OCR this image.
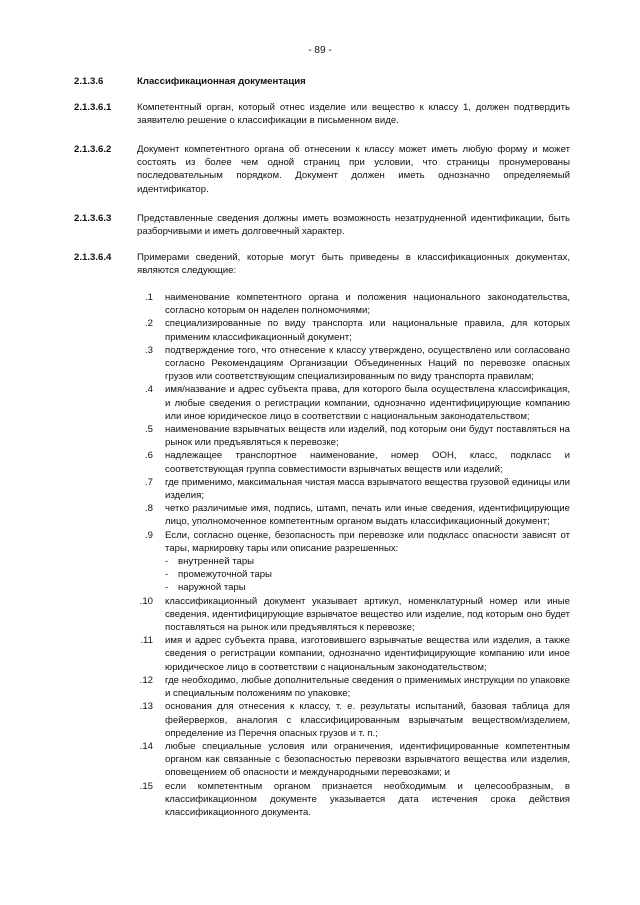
- 89 -
2.1.3.6	Классификационная документация
2.1.3.6.1	Компетентный орган, который отнес изделие или вещество к классу 1, должен подтвердить заявителю решение о классификации в письменном виде.
2.1.3.6.2	Документ компетентного органа об отнесении к классу может иметь любую форму и может состоять из более чем одной страниц при условии, что страницы пронумерованы последовательным порядком. Документ должен иметь однозначно определяемый идентификатор.
2.1.3.6.3	Представленные сведения должны иметь возможность незатрудненной идентификации, быть разборчивыми и иметь долговечный характер.
2.1.3.6.4	Примерами сведений, которые могут быть приведены в классификационных документах, являются следующие:
.1 наименование компетентного органа и положения национального законодательства, согласно которым он наделен полномочиями;
.2 специализированные по виду транспорта или национальные правила, для которых применим классификационный документ;
.3 подтверждение того, что отнесение к классу утверждено, осуществлено или согласовано согласно Рекомендациям Организации Объединенных Наций по перевозке опасных грузов или соответствующим специализированным по виду транспорта правилам;
.4 имя/название и адрес субъекта права, для которого была осуществлена классификация, и любые сведения о регистрации компании, однозначно идентифицирующие компанию или иное юридическое лицо в соответствии с национальным законодательством;
.5 наименование взрывчатых веществ или изделий, под которым они будут поставляться на рынок или предъявляться к перевозке;
.6 надлежащее транспортное наименование, номер ООН, класс, подкласс и соответствующая группа совместимости взрывчатых веществ или изделий;
.7 где применимо, максимальная чистая масса взрывчатого вещества грузовой единицы или изделия;
.8 четко различимые имя, подпись, штамп, печать или иные сведения, идентифицирующие лицо, уполномоченное компетентным органом выдать классификационный документ;
.9 Если, согласно оценке, безопасность при перевозке или подкласс опасности зависят от тары, маркировку тары или описание разрешенных:
- внутренней тары
- промежуточной тары
- наружной тары
.10 классификационный документ указывает артикул, номенклатурный номер или иные сведения, идентифицирующие взрывчатое вещество или изделие, под которым оно будет поставляться на рынок или предъявляться к перевозке;
.11 имя и адрес субъекта права, изготовившего взрывчатые вещества или изделия, а также сведения о регистрации компании, однозначно идентифицирующие компанию или иное юридическое лицо в соответствии с национальным законодательством;
.12 где необходимо, любые дополнительные сведения о применимых инструкции по упаковке и специальным положениям по упаковке;
.13 основания для отнесения к классу, т. е. результаты испытаний, базовая таблица для фейерверков, аналогия с классифицированным взрывчатым веществом/изделием, определение из Перечня опасных грузов и т. п.;
.14 любые специальные условия или ограничения, идентифицированные компетентным органом как связанные с безопасностью перевозки взрывчатого вещества или изделия, оповещением об опасности и международными перевозками; и
.15 если компетентным органом признается необходимым и целесообразным, в классификационном документе указывается дата истечения срока действия классификационного документа.
